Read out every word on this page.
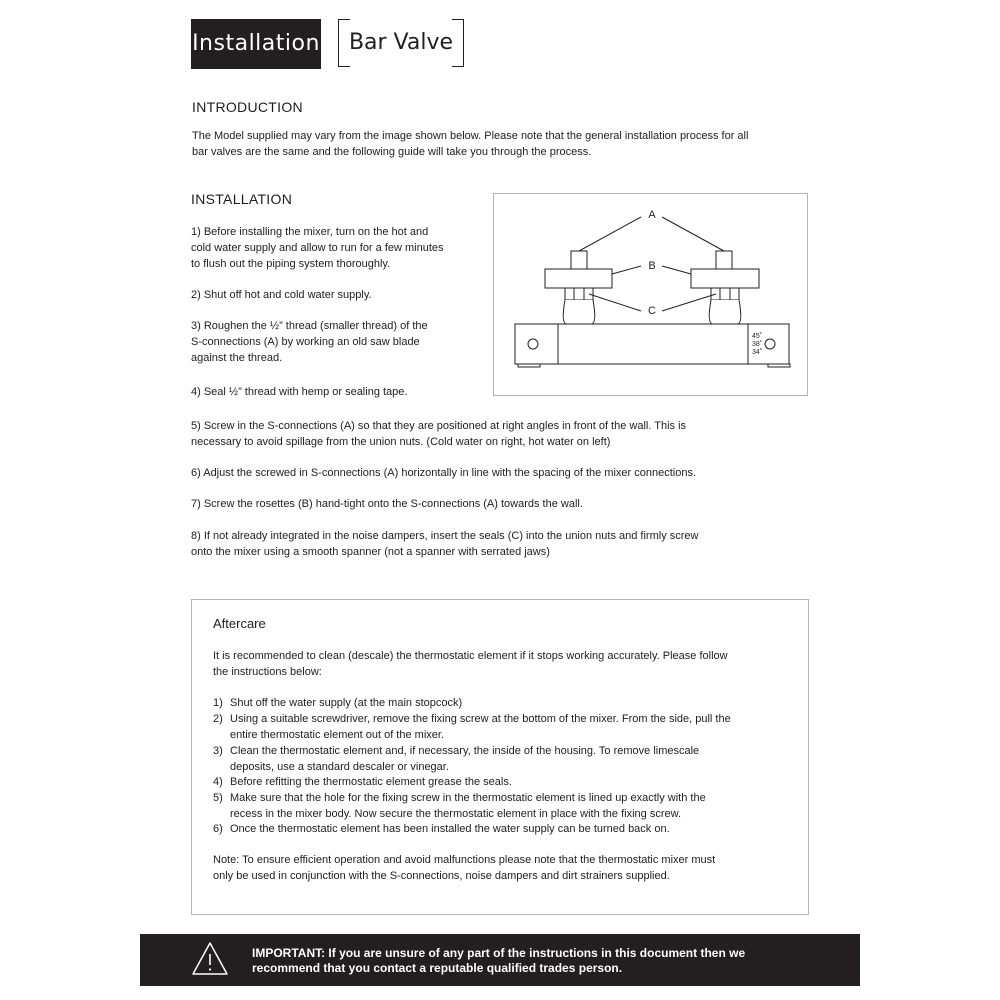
Installation	Bar Valve
INTRODUCTION
The Model supplied may vary from the image shown below. Please note that the general installation process for all
bar valves are the same and the following guide will take you through the process.
INSTALLATION
1) Before installing the mixer, turn on the hot and
cold water supply and allow to run for a few minutes
to flush out the piping system thoroughly.
2) Shut off hot and cold water supply.
3) Roughen the ½” thread (smaller thread) of the
S-connections (A) by working an old saw blade
against the thread.
4) Seal ½” thread with hemp or sealing tape.
5) Screw in the S-connections (A) so that they are positioned at right angles in front of the wall. This is
necessary to avoid spillage from the union nuts. (Cold water on right, hot water on left)
6) Adjust the screwed in S-connections (A) horizontally in line with the spacing of the mixer connections.
7) Screw the rosettes (B) hand-tight onto the S-connections (A) towards the wall.
8) If not already integrated in the noise dampers, insert the seals (C) into the union nuts and firmly screw
onto the mixer using a smooth spanner (not a spanner with serrated jaws)
A
B
C
45˚
38˚
34˚
Aftercare
It is recommended to clean (descale) the thermostatic element if it stops working accurately. Please follow
the instructions below:
1) Shut off the water supply (at the main stopcock)
2) Using a suitable screwdriver, remove the fixing screw at the bottom of the mixer. From the side, pull the
entire thermostatic element out of the mixer.
3) Clean the thermostatic element and, if necessary, the inside of the housing. To remove limescale
deposits, use a standard descaler or vinegar.
4) Before refitting the thermostatic element grease the seals.
5) Make sure that the hole for the fixing screw in the thermostatic element is lined up exactly with the
recess in the mixer body. Now secure the thermostatic element in place with the fixing screw.
6) Once the thermostatic element has been installed the water supply can be turned back on.
Note: To ensure efficient operation and avoid malfunctions please note that the thermostatic mixer must
only be used in conjunction with the S-connections, noise dampers and dirt strainers supplied.
IMPORTANT: If you are unsure of any part of the instructions in this document then we
recommend that you contact a reputable qualified trades person.
